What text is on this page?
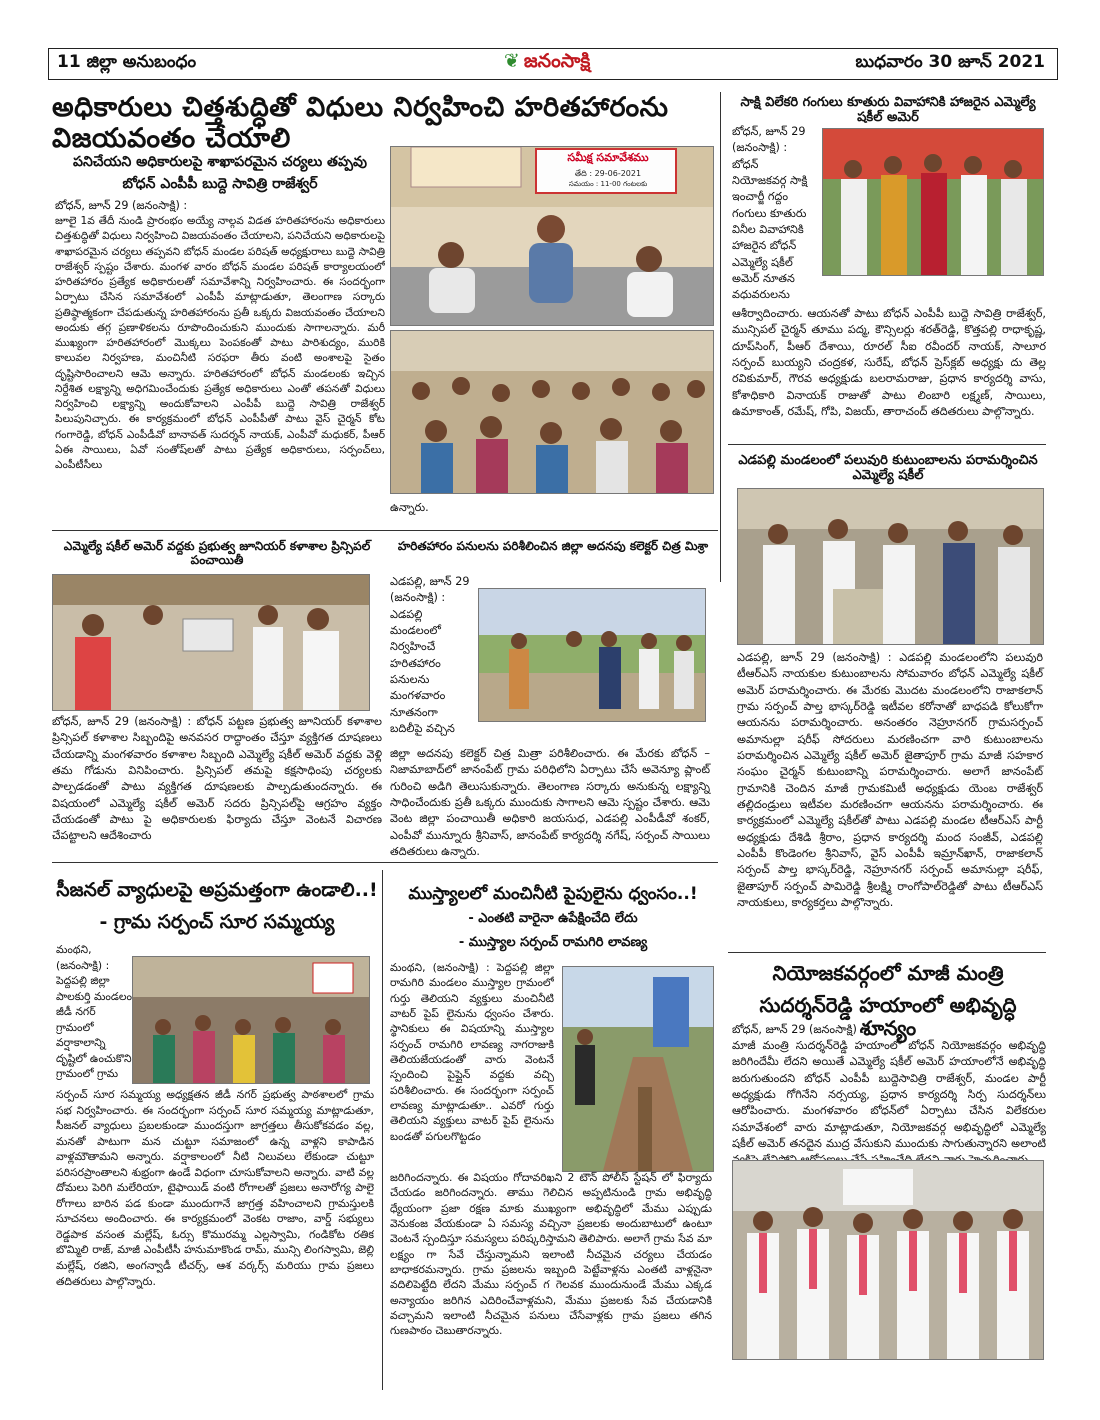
11 జిల్లా అనుబంధం	❦ జనంసాక్షి	బుధవారం 30 జూన్ 2021
అధికారులు చిత్తశుద్ధితో విధులు నిర్వహించి హరితహారంను విజయవంతం చేయాలి
పనిచేయని అధికారులపై శాఖాపరమైన చర్యలు తప్పవు
బోధన్ ఎంపీపీ బుద్దె సావిత్రి రాజేశ్వర్
బోధన్, జూన్ 29 (జనంసాక్షి) :
జూలై 1వ తేదీ నుండి ప్రారంభం అయ్యే నాల్గవ విడత హరితహారంను అధికారులు చిత్తశుద్ధితో విధులు నిర్వహించి విజయవంతం చేయాలని, పనిచేయని అధికారులపై శాఖాపరమైన చర్యలు తప్పవని బోధన్ మండల పరిషత్ అధ్యక్షురాలు బుద్దె సావిత్రి రాజేశ్వర్ స్పష్టం చేశారు. మంగళ వారం బోధన్ మండల పరిషత్ కార్యాలయంలో హరితహారం ప్రత్యేక అధికారులతో సమావేశాన్ని నిర్వహించారు. ఈ సందర్భంగా ఏర్పాటు చేసిన సమావేశంలో ఎంపీపీ మాట్లాడుతూ, తెలంగాణ సర్కారు ప్రతిష్ఠాత్మకంగా చేపడుతున్న హరితహారంను ప్రతీ ఒక్కరు విజయవంతం చేయాలని అందుకు తగ్గ ప్రణాళికలను రూపొందించుకుని ముందుకు సాగాలన్నారు. మరీ ముఖ్యంగా హరితహారంలో మొక్కలు పెంపకంతో పాటు పారిశుద్యం, మురికి కాలువల నిర్వహణ, మంచినీటి సరఫరా తీరు వంటి అంశాలపై సైతం దృష్టిసారించాలని ఆమె అన్నారు. హరితహారంలో బోధన్ మండలంకు ఇచ్చిన నిర్దేశిత లక్ష్యాన్ని అధిగమించేందుకు ప్రత్యేక అధికారులు ఎంతో తపనతో విధులు నిర్వహించి లక్ష్యాన్ని అందుకోవాలని ఎంపీపీ బుద్దె సావిత్రి రాజేశ్వర్ పిలుపునిచ్చారు. ఈ కార్యక్రమంలో బోధన్ ఎంపీపీతో పాటు వైస్ చైర్మన్ కోట గంగారెడ్డి, బోధన్ ఎంపీడీవో బానావత్ సుదర్శన్ నాయక్, ఎంపీవో మధుకర్, పీఆర్ ఏఈ సాయిలు, ఏవో సంతోష్‌లతో పాటు ప్రత్యేక అధికారులు, సర్పంచ్‌లు, ఎంపీటీసీలు
ఉన్నారు.
సమీక్ష సమావేశము
తేది : 29-06-2021
సమయం : 11-00 గంటలకు
సాక్షి విలేకరి గంగులు కూతురు వివాహానికి హాజరైన ఎమ్మెల్యే షకీల్ అమెర్
బోధన్, జూన్ 29 (జనంసాక్షి) : బోధన్ నియోజకవర్గ సాక్షి ఇంచార్జీ గద్దం గంగులు కూతురు వినీల వివాహానికి హాజరైన బోధన్ ఎమ్మెల్యే షకీల్ అమెర్ నూతన వధువరులను
ఆశీర్వాదించారు. ఆయనతో పాటు బోధన్ ఎంపీపీ బుద్దె సావిత్రి రాజేశ్వర్, మున్సిపల్ చైర్మన్ తూము పద్మ, కౌన్సిలర్లు శరత్‌రెడ్డి, కొత్తపల్లి రాధాకృష్ణ, దూప్‌సింగ్, పీఆర్ దేశాయి, రూరల్ సీఐ రవీందర్ నాయక్, సాలూర సర్పంచ్ బుయ్యని చంద్రకళ, సురేష్, బోధన్ ప్రెస్‌క్లబ్ అధ్యక్షు దు తెల్ల రవికుమార్, గౌరవ అధ్యక్షుడు బలరామరాజు, ప్రధాన కార్యదర్శి వాసు, కోశాధికారి వినాయక్ రాజుతో పాటు లింబారి లక్ష్మణ్, సాయిలు, ఉమాకాంత్, రమేష్, గోపి, విజయ్, తారాచంద్ తదితరులు పాల్గొన్నారు.
ఎడపల్లి మండలంలో పలువురి కుటుంబాలను పరామర్శించిన ఎమ్మెల్యే షకీల్
ఎడపల్లి, జూన్ 29 (జనంసాక్షి) : ఎడపల్లి మండలంలోని పలువురి టీఆర్ఎస్ నాయకుల కుటుంబాలను సోమవారం బోధన్ ఎమ్మెల్యే షకీల్ అమెర్ పరామర్శించారు. ఈ మేరకు మొదట మండలంలోని రాజాకలాన్ గ్రామ సర్పంచ్ పాల్త భాస్కర్‌రెడ్డి ఇటీవల కరోనాతో బాధపడి కోలుకోగా ఆయనను పరామర్శించారు. అనంతరం నెహ్రూనగర్ గ్రామసర్పంచ్ అమానుల్లా షరీఫ్ సోదరులు మరణించగా వారి కుటుంబాలను పరామర్శించిన ఎమ్మెల్యే షకీల్ అమెర్ జైతాపూర్ గ్రామ మాజీ సహకార సంఘం చైర్మన్ కుటుంబాన్ని పరామర్శించారు. అలాగే జానంపేట్ గ్రామానికి చెందిన మాజీ గ్రామకమిటీ అధ్యక్షుడు యెంబ రాజేశ్వర్ తల్లిదండ్రులు ఇటీవల మరణించగా ఆయనను పరామర్శించారు. ఈ కార్యక్రమంలో ఎమ్మెల్యే షకీల్‌తో పాటు ఎడపల్లి మండల టీఆర్ఎస్ పార్టీ అధ్యక్షుడు దేశిడి శ్రీరాం, ప్రధాన కార్యదర్శి మంద సంజీవ్, ఎడపల్లి ఎంపీపీ కొండెంగల శ్రీనివాస్, వైస్ ఎంపీపీ ఇమ్రాన్‌ఖాన్, రాజాకలాన్ సర్పంచ్ పాల్త భాస్కర్‌రెడ్డి, నెహ్రూనగర్ సర్పంచ్ అమానుల్లా షరీఫ్, జైతాపూర్ సర్పంచ్ పామిరెడ్డి శ్రీలక్ష్మి రాంగోపాల్‌రెడ్డితో పాటు టీఆర్ఎస్ నాయకులు, కార్యకర్తలు పాల్గొన్నారు.
ఎమ్మెల్యే షకీల్ అమెర్ వద్దకు ప్రభుత్వ జూనియర్ కళాశాల ప్రిన్సిపల్ పంచాయితీ
బోధన్, జూన్ 29 (జనంసాక్షి) : బోధన్ పట్టణ ప్రభుత్వ జూనియర్ కళాశాల ప్రిన్సిపల్ కళాశాల సిబ్బందిపై అనవసర రాద్ధాంతం చేస్తూ వ్యక్తిగత దూషణలు చేయడాన్ని మంగళవారం కళాశాల సిబ్బంది ఎమ్మెల్యే షకీల్ అమెర్ వద్దకు వెళ్లి తమ గోడును వినిపించారు. ప్రిన్సిపల్ తమపై కక్షసాధింపు చర్యలకు పాల్పడడంతో పాటు వ్యక్తిగత దూషణలకు పాల్పడుతుందన్నారు. ఈ విషయంలో ఎమ్మెల్యే షకీల్ అమెర్ సదరు ప్రిన్సిపల్‌పై ఆగ్రహం వ్యక్తం చేయడంతో పాటు పై అధికారులకు ఫిర్యాదు చేస్తూ వెంటనే విచారణ చేపట్టాలని ఆదేశించారు
హరితహారం పనులను పరిశీలించిన జిల్లా అదనపు కలెక్టర్ చిత్ర మిశ్రా
ఎడపల్లి, జూన్ 29 (జనంసాక్షి) : ఎడపల్లి మండలంలో నిర్వహించే హరితహారం పనులను మంగళవారం నూతనంగా బదిలీపై వచ్చిన
జిల్లా అదనపు కలెక్టర్ చిత్ర మిత్రా పరిశీలించారు. ఈ మేరకు బోధన్ – నిజామాబాద్‌లో జానంపేట్ గ్రామ పరిధిలోని ఏర్పాటు చేసే అవెన్యూ ప్లాంట్ గురించి అడిగి తెలుసుకున్నారు. తెలంగాణ సర్కారు అనుకున్న లక్ష్యాన్ని సాధించేందుకు ప్రతీ ఒక్కరు ముందుకు సాగాలని ఆమె స్పష్టం చేశారు. ఆమె వెంట జిల్లా పంచాయితీ అధికారి జయసుధ, ఎడపల్లి ఎంపీడీవో శంకర్, ఎంపీవో మున్నూరు శ్రీనివాస్, జానంపేట్ కార్యదర్శి నగేష్, సర్పంచ్ సాయిలు తదితరులు ఉన్నారు.
సీజనల్ వ్యాధులపై అప్రమత్తంగా ఉండాలి..!
- గ్రామ సర్పంచ్ సూర సమ్మయ్య
మంథని, (జనంసాక్షి) : పెద్దపల్లి జిల్లా పాలకుర్తి మండలం జీడీ నగర్ గ్రామంలో వర్షాకాలాన్ని దృష్టిలో ఉంచుకొని గ్రామంలో గ్రామ
సర్పంచ్ సూర సమ్మయ్య అధ్యక్షతన జీడీ నగర్ ప్రభుత్వ పాఠశాలలో గ్రామ సభ నిర్వహించారు. ఈ సందర్భంగా సర్పంచ్ సూర సమ్మయ్య మాట్లాడుతూ, సీజనల్ వ్యాధులు ప్రబలకుండా ముందస్తుగా జాగ్రత్తలు తీసుకోకవడం వల్ల, మనతో పాటుగా మన చుట్టూ సమాజంలో ఉన్న వాళ్లని కాపాడిన వాళ్లమౌతామని అన్నారు. వర్షాకాలంలో నీటి నిలువలు లేకుండా చుట్టూ పరిసరప్రాంతాలని శుభ్రంగా ఉండే విధంగా చూసుకోవాలని అన్నారు. వాటి వల్ల దోమలు పెరిగి మలేరియా, టైఫాయిడ్ వంటి రోగాలతో ప్రజలు అనారోగ్య పాలై రోగాలు బారిన పడ కుండా ముందుగానే జాగ్రత్త వహించాలని గ్రామస్తులకి సూచనలు అందించారు. ఈ కార్యక్రమంలో వెంకట రాజాం, వార్డ్ సభ్యులు రెడ్డపాక వసంత మల్లేష్, ఓర్సు కొమురమ్మ ఎల్లస్వామి, గండికోట రతిక బొమ్మిలి రాజ్, మాజీ ఎంపీటీసీ హనుమాకొండ రామ్, మున్సి లింగస్వామి, జెల్లి మల్లేష్, రజిని, అంగన్వాడీ టీచర్స్, ఆశ వర్కర్స్ మరియు గ్రామ ప్రజలు తదితరులు పాల్గొన్నారు.
ముస్త్యాలలో మంచినీటి పైపులైను ధ్వంసం..!
- ఎంతటి వారైనా ఉపేక్షించేది లేదు
- ముస్త్యాల సర్పంచ్ రామగిరి లావణ్య
మంథని, (జనంసాక్షి) : పెద్దపల్లి జిల్లా రామగిరి మండలం ముస్త్యాల గ్రామంలో గుర్తు తెలియని వ్యక్తులు మంచినీటి వాటర్ పైప్ లైనును ధ్వంసం చేశారు. స్థానికులు ఈ విషయాన్ని ముస్త్యాల సర్పంచ్ రామగిరి లావణ్య నాగరాజుకి తెలియజేయడంతో వారు వెంటనే స్పందించి పైప్లైన్ వద్దకు వచ్చి పరిశీలించారు. ఈ సందర్భంగా సర్పంచ్ లావణ్య మాట్లాడుతూ.. ఎవరో గుర్తు తెలియని వ్యక్తులు వాటర్ పైప్ లైనును బండతో పగులగొట్టడం
జరిగిందన్నారు. ఈ విషయం గోదావరిఖని 2 టౌన్ పోలీస్ స్టేషన్ లో ఫిర్యాదు చేయడం జరిగిందన్నారు. తాము గెలిచిన అప్పటినుండి గ్రామ అభివృద్ధి ధ్యేయంగా ప్రజా రక్షణ మాకు ముఖ్యంగా అభివృద్ధిలో మేము ఎప్పుడు వెనుకంజ వేయకుండా ఏ సమస్య వచ్చినా ప్రజలకు అందుబాటులో ఉంటూ వెంటనే స్పందిస్తూ సమస్యలు పరిష్కరిస్తామని తెలిపారు. అలాగే గ్రామ సేవ మా లక్ష్యం గా సేవే చేస్తున్నామని ఇలాంటి నీచమైన చర్యలు చేయడం బాధాకరమన్నారు. గ్రామ ప్రజలను ఇబ్బంది పెట్టేవాళ్లను ఎంతటి వాళ్లనైనా వదిలిపెట్టేది లేదని మేము సర్పంచ్ గ గెలవక ముందునుండే మేము ఎక్కడ అన్యాయం జరిగిన ఎదిరించేవాళ్లమని, మేము ప్రజలకు సేవ చేయడానికి వచ్చామని ఇలాంటి నీచమైన పనులు చేసేవాళ్లకు గ్రామ ప్రజలు తగిన గుణపాఠం చెబుతారన్నారు.
నియోజకవర్గంలో మాజీ మంత్రి
సుదర్శన్‌రెడ్డి హయాంలో అభివృద్ధి శూన్యం
బోధన్, జూన్ 29 (జనంసాక్షి) :
మాజీ మంత్రి సుదర్శన్‌రెడ్డి హయాంలో బోధన్ నియోజకవర్గం అభివృద్ధి జరిగిందేమీ లేదని అయితే ఎమ్మెల్యే షకీల్ అమెర్ హయాంలోనే అభివృద్ధి జరుగుతుందని బోధన్ ఎంపీపీ బుద్దెసావిత్రి రాజేశ్వర్, మండల పార్టీ అధ్యక్షుడు గోగినేని నర్సయ్య, ప్రధాన కార్యదర్శి సిర్ప సుదర్శన్‌లు ఆరోపించారు. మంగళవారం బోధన్‌లో ఏర్పాటు చేసిన విలేకరుల సమావేశంలో వారు మాట్లాడుతూ, నియోజకవర్గ అభివృద్ధిలో ఎమ్మెల్యే షకీల్ అమెర్ తనదైన ముద్ర వేసుకుని ముందుకు సాగుతున్నారని అలాంటి
